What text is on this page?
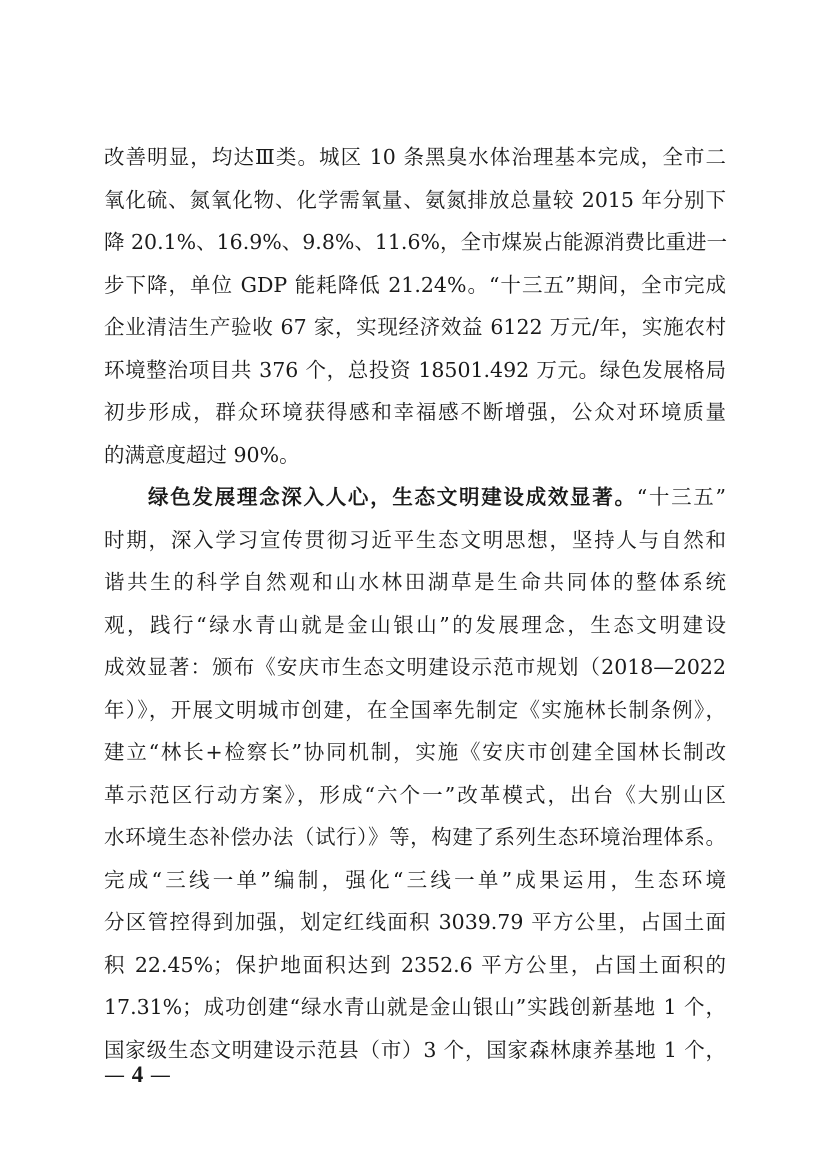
改善明显，均达Ⅲ类。城区 10 条黑臭水体治理基本完成，全市二
氧化硫、氮氧化物、化学需氧量、氨氮排放总量较 2015 年分别下
降 20.1%、16.9%、9.8%、11.6%，全市煤炭占能源消费比重进一
步下降，单位 GDP 能耗降低 21.24%。“十三五”期间，全市完成
企业清洁生产验收 67 家，实现经济效益 6122 万元/年，实施农村
环境整治项目共 376 个，总投资 18501.492 万元。绿色发展格局
初步形成，群众环境获得感和幸福感不断增强，公众对环境质量
的满意度超过 90%。
绿色发展理念深入人心，生态文明建设成效显著。“十三五”
时期，深入学习宣传贯彻习近平生态文明思想，坚持人与自然和
谐共生的科学自然观和山水林田湖草是生命共同体的整体系统
观，践行“绿水青山就是金山银山”的发展理念，生态文明建设
成效显著：颁布《安庆市生态文明建设示范市规划（2018—2022
年）》，开展文明城市创建，在全国率先制定《实施林长制条例》，
建立“林长+检察长”协同机制，实施《安庆市创建全国林长制改
革示范区行动方案》，形成“六个一”改革模式，出台《大别山区
水环境生态补偿办法（试行）》等，构建了系列生态环境治理体系。
完成“三线一单”编制，强化“三线一单”成果运用，生态环境
分区管控得到加强，划定红线面积 3039.79 平方公里，占国土面
积 22.45%；保护地面积达到 2352.6 平方公里，占国土面积的
17.31%；成功创建“绿水青山就是金山银山”实践创新基地 1 个，
国家级生态文明建设示范县（市）3 个，国家森林康养基地 1 个，
— 4 —
